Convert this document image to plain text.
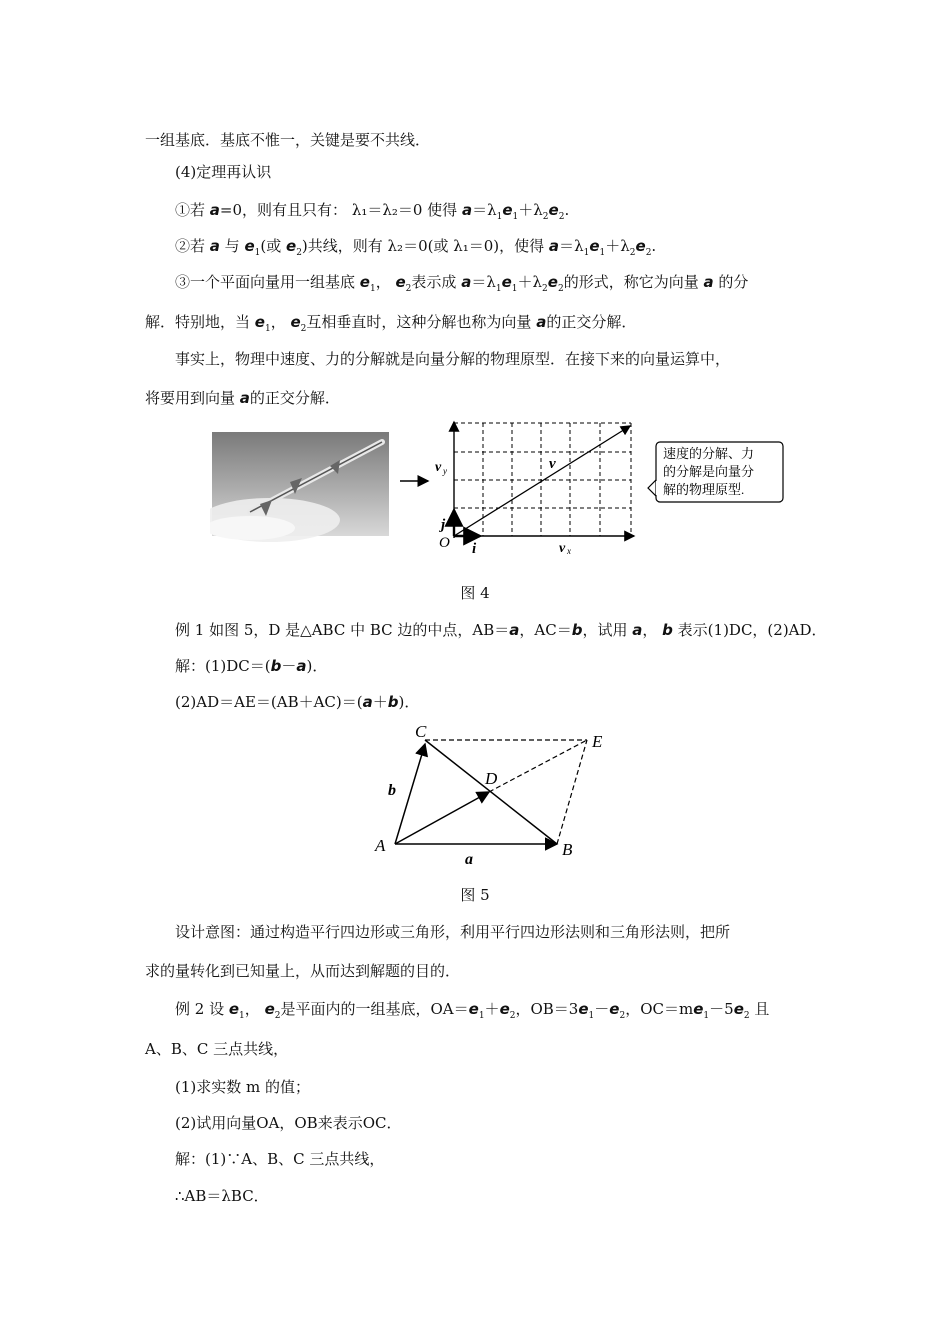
一组基底．基底不惟一，关键是要不共线．
(4)定理再认识
①若 a=0，则有且只有： λ₁＝λ₂＝0 使得 $a=\lambda_1e_1+\lambda_2e_2$.
②若 a 与 $e_1$(或 $e_2$)共线，则有 λ₂＝0(或 λ₁＝0)，使得 $a=\lambda_1e_1+\lambda_2e_2$.
③一个平面向量用一组基底 $e_1$， $e_2$表示成 $a=\lambda_1e_1+\lambda_2e_2$的形式，称它为向量 a 的分
解．特别地，当 $e_1$， $e_2$互相垂直时，这种分解也称为向量 a的正交分解．
事实上，物理中速度、力的分解就是向量分解的物理原型．在接下来的向量运算中，
将要用到向量 a的正交分解．
O i
j
v
v x
v y
速度的分解、力
的分解是向量分
解的物理原型.
图 4
例 1 如图 5，D 是△ABC 中 BC 边的中点，AB＝a，AC＝b，试用 a， b 表示(1)DC，(2)AD．
解：(1)DC＝(b－a)．
(2)AD＝AE＝(AB＋AC)＝(a＋b)．
A	B
C
D
E
a
b
图 5
设计意图：通过构造平行四边形或三角形，利用平行四边形法则和三角形法则，把所
求的量转化到已知量上，从而达到解题的目的．
例 2 设 $e_1$， $e_2$是平面内的一组基底，$OA=e_1+e_2$，$OB=3e_1-e_2$，$OC=me_1-5e_2$ 且
A、B、C 三点共线，
(1)求实数 m 的值；
(2)试用向量OA，OB来表示OC．
解：(1)∵A、B、C 三点共线，
∴AB＝λBC．
